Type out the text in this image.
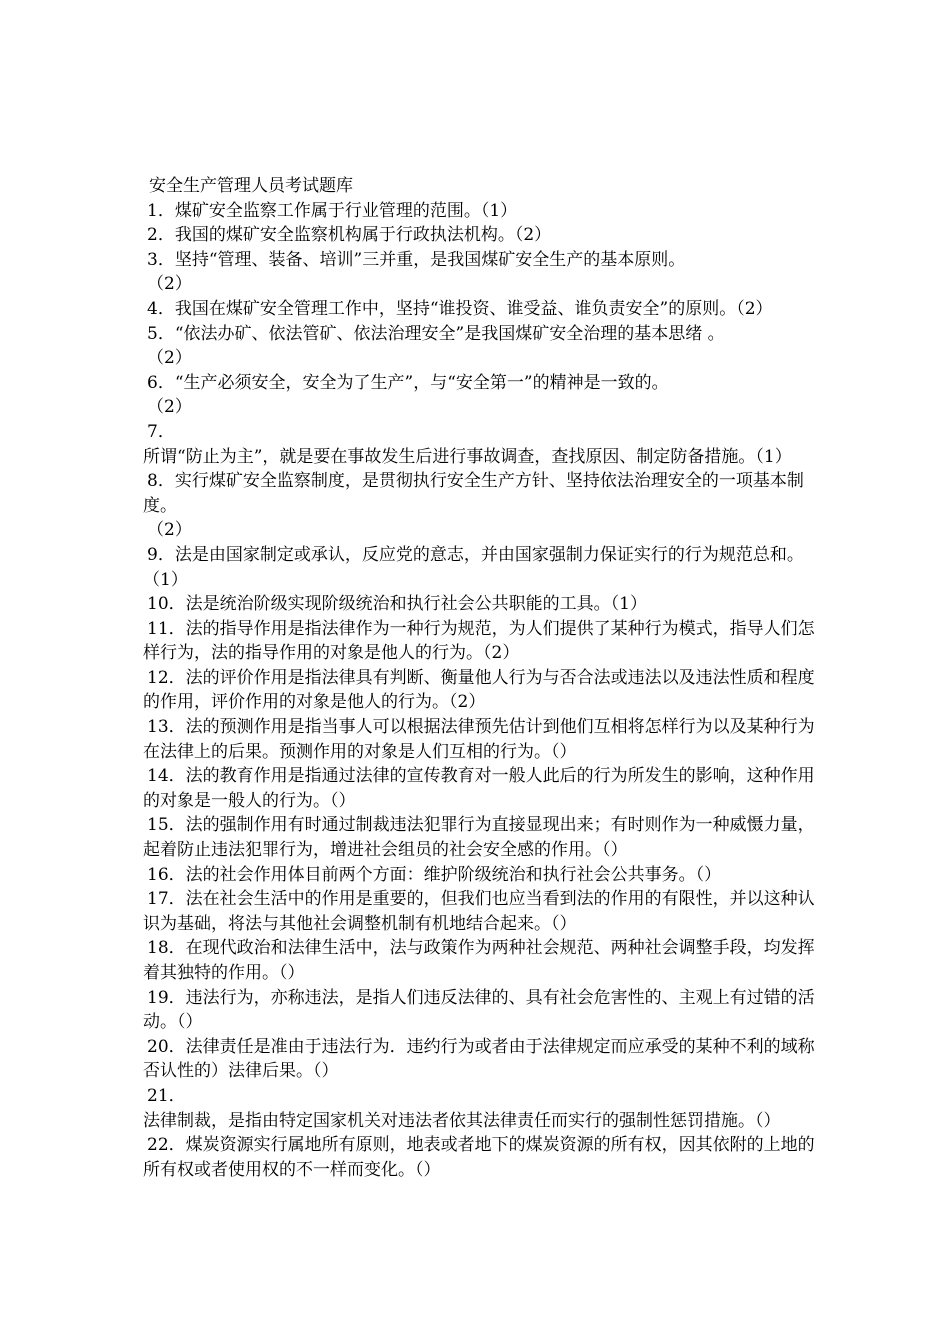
安全生产管理人员考试题库

1．煤矿安全监察工作属于行业管理的范围。（1）

2．我国的煤矿安全监察机构属于行政执法机构。（2）

3．坚持“管理、装备、培训”三并重，是我国煤矿安全生产的基本原则。
（2）

4．我国在煤矿安全管理工作中，坚持“谁投资、谁受益、谁负责安全”的原则。（2）

5．“依法办矿、依法管矿、依法治理安全”是我国煤矿安全治理的基本思绪 。
（2）

6．“生产必须安全，安全为了生产”，与“安全第一”的精神是一致的。
（2）

7．所谓“防止为主”，就是要在事故发生后进行事故调查，查找原因、制定防备措施。（1）

8．实行煤矿安全监察制度，是贯彻执行安全生产方针、坚持依法治理安全的一项基本制度。
（2）

9．法是由国家制定或承认，反应党的意志，并由国家强制力保证实行的行为规范总和。（1）

10．法是统治阶级实现阶级统治和执行社会公共职能的工具。（1）

11．法的指导作用是指法律作为一种行为规范，为人们提供了某种行为模式，指导人们怎样行为，法的指导作用的对象是他人的行为。（2）

12．法的评价作用是指法律具有判断、衡量他人行为与否合法或违法以及违法性质和程度的作用，评价作用的对象是他人的行为。（2）

13．法的预测作用是指当事人可以根据法律预先估计到他们互相将怎样行为以及某种行为在法律上的后果。预测作用的对象是人们互相的行为。（）

14．法的教育作用是指通过法律的宣传教育对一般人此后的行为所发生的影响，这种作用的对象是一般人的行为。（）

15．法的强制作用有时通过制裁违法犯罪行为直接显现出来；有时则作为一种威慑力量，起着防止违法犯罪行为，增进社会组员的社会安全感的作用。（）

16．法的社会作用体目前两个方面：维护阶级统治和执行社会公共事务。（）

17．法在社会生活中的作用是重要的，但我们也应当看到法的作用的有限性，并以这种认识为基础，将法与其他社会调整机制有机地结合起来。（）

18．在现代政治和法律生活中，法与政策作为两种社会规范、两种社会调整手段，均发挥着其独特的作用。（）

19．违法行为，亦称违法，是指人们违反法律的、具有社会危害性的、主观上有过错的活动。（）

20．法律责任是准由于违法行为．违约行为或者由于法律规定而应承受的某种不利的域称否认性的）法律后果。（）

21．法律制裁，是指由特定国家机关对违法者依其法律责任而实行的强制性惩罚措施。（）

22．煤炭资源实行属地所有原则，地表或者地下的煤炭资源的所有权，因其依附的上地的所有权或者使用权的不一样而变化。（）
